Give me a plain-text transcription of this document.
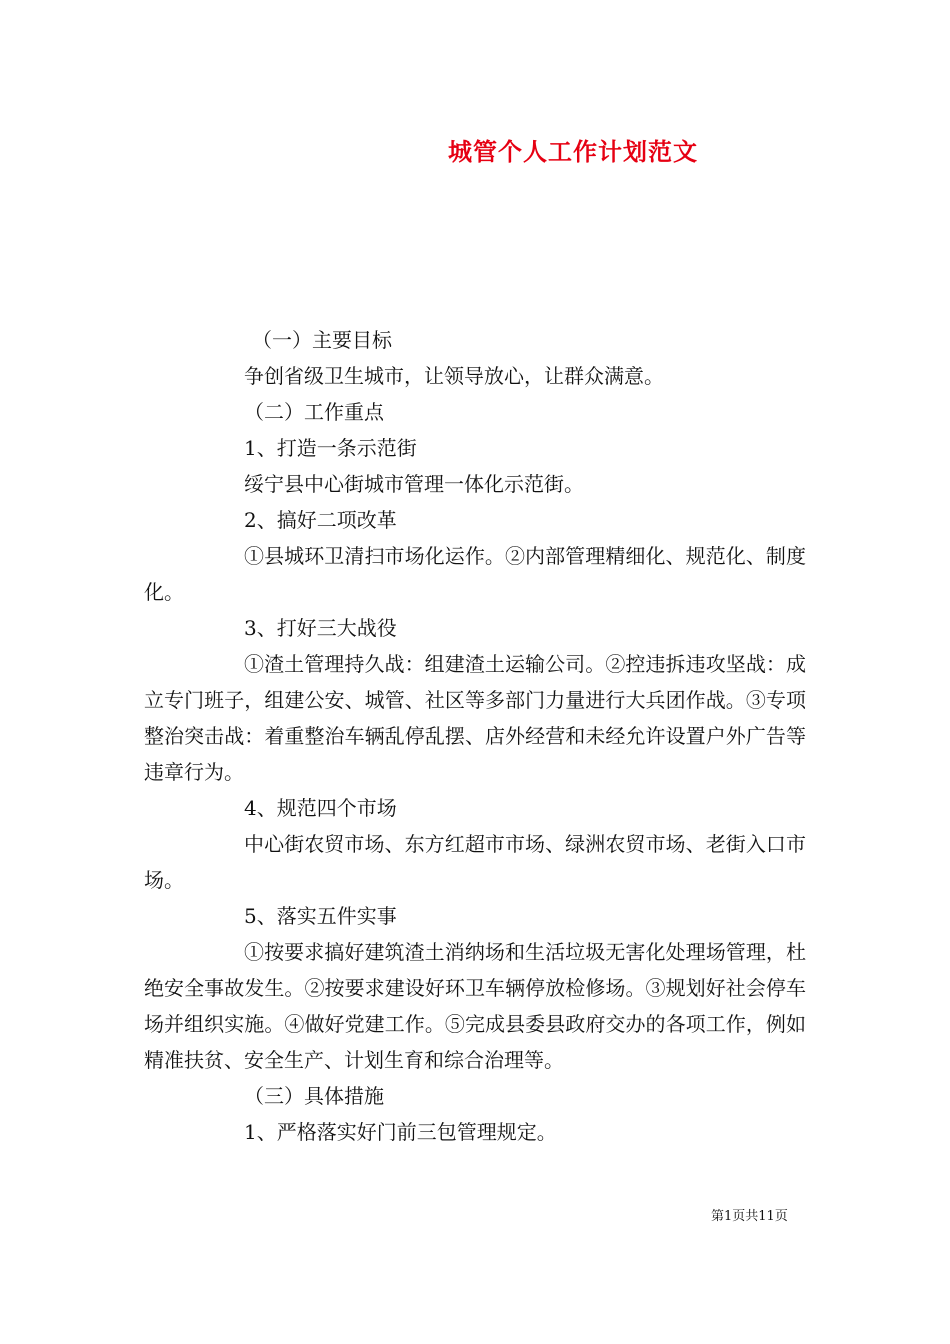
城管个人工作计划范文

（一）主要目标

争创省级卫生城市，让领导放心，让群众满意。

（二）工作重点

1、打造一条示范街

绥宁县中心街城市管理一体化示范街。

2、搞好二项改革

①县城环卫清扫市场化运作。②内部管理精细化、规范化、制度化。

3、打好三大战役

①渣土管理持久战：组建渣土运输公司。②控违拆违攻坚战：成立专门班子，组建公安、城管、社区等多部门力量进行大兵团作战。③专项整治突击战：着重整治车辆乱停乱摆、店外经营和未经允许设置户外广告等违章行为。

4、规范四个市场

中心街农贸市场、东方红超市市场、绿洲农贸市场、老街入口市场。

5、落实五件实事

①按要求搞好建筑渣土消纳场和生活垃圾无害化处理场管理，杜绝安全事故发生。②按要求建设好环卫车辆停放检修场。③规划好社会停车场并组织实施。④做好党建工作。⑤完成县委县政府交办的各项工作，例如精准扶贫、安全生产、计划生育和综合治理等。

（三）具体措施

1、严格落实好门前三包管理规定。

第1页共11页
